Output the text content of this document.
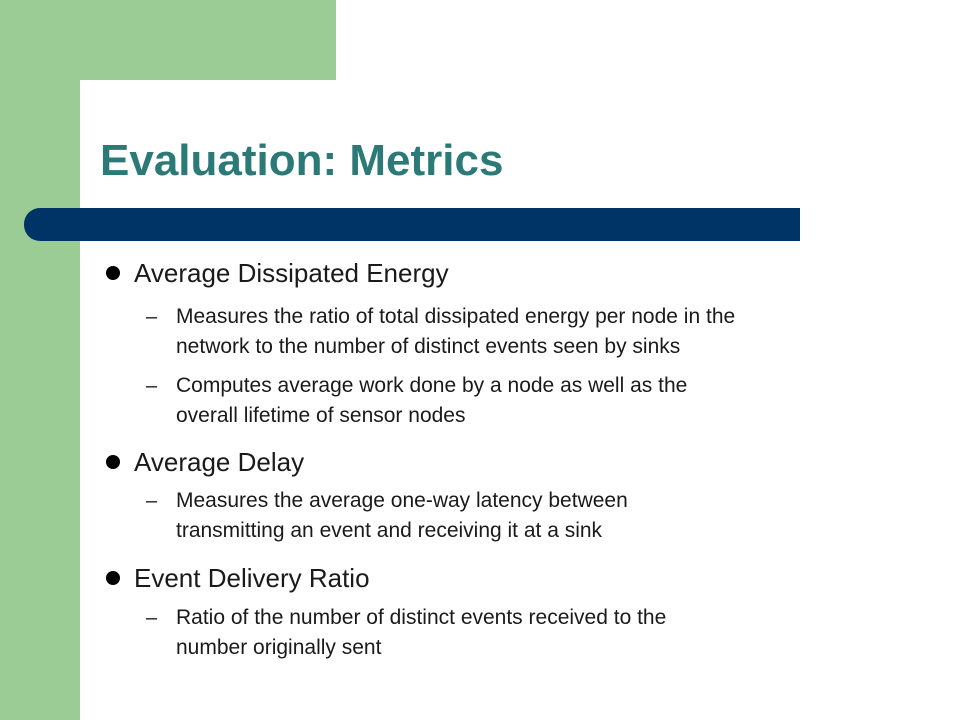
Evaluation: Metrics
Average Dissipated Energy
– Measures the ratio of total dissipated energy per node in the
network to the number of distinct events seen by sinks
– Computes average work done by a node as well as the
overall lifetime of sensor nodes
Average Delay
– Measures the average one-way latency between
transmitting an event and receiving it at a sink
Event Delivery Ratio
– Ratio of the number of distinct events received to the
number originally sent
